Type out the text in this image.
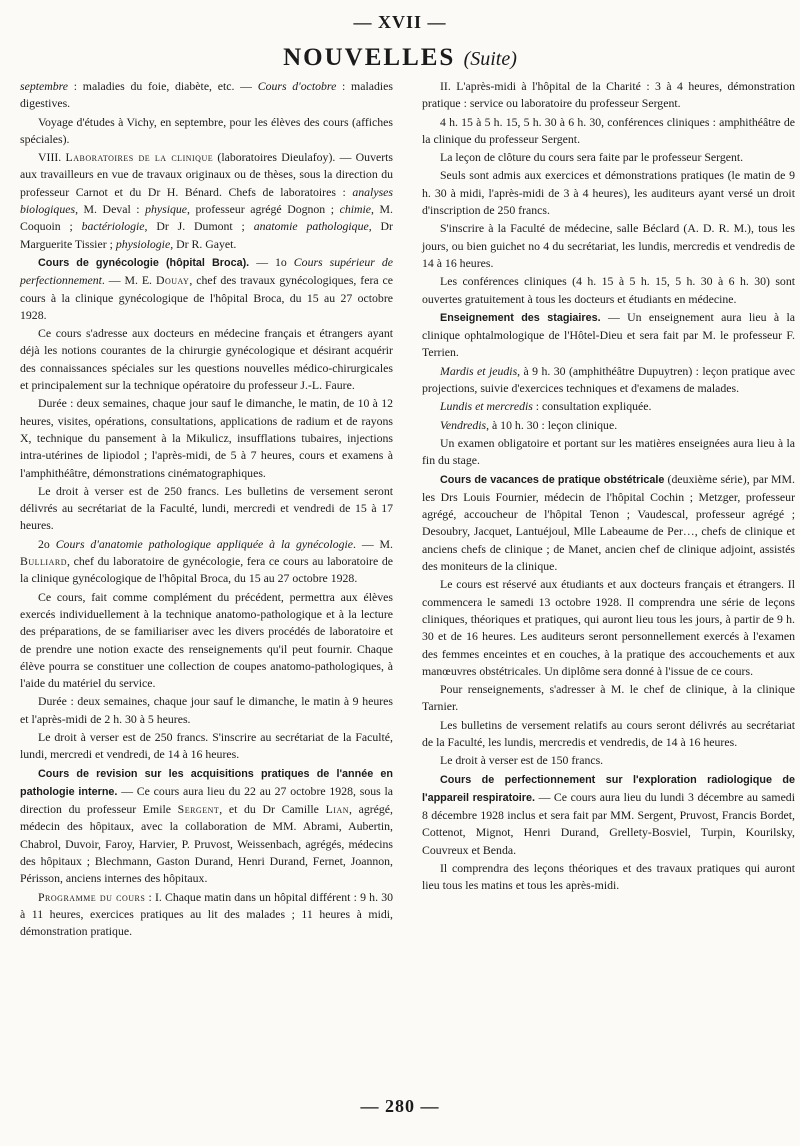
— XVII —
NOUVELLES (Suite)

septembre : maladies du foie, diabète, etc. — Cours d'octobre : maladies digestives.

Voyage d'études à Vichy, en septembre, pour les élèves des cours (affiches spéciales).

VIII. Laboratoires de la clinique (laboratoires Dieulafoy). — Ouverts aux travailleurs en vue de travaux originaux ou de thèses, sous la direction du professeur Carnot et du Dr H. Bénard. Chefs de laboratoires : analyses biologiques, M. Deval : physique, professeur agrégé Dognon ; chimie, M. Coquoin ; bactériologie, Dr J. Dumont ; anatomie pathologique, Dr Marguerite Tissier ; physiologie, Dr R. Gayet.

Cours de gynécologie (hôpital Broca). — 1o Cours supérieur de perfectionnement. — M. E. Douay, chef des travaux gynécologiques, fera ce cours à la clinique gynécologique de l'hôpital Broca, du 15 au 27 octobre 1928.

Ce cours s'adresse aux docteurs en médecine français et étrangers ayant déjà les notions courantes de la chirurgie gynécologique et désirant acquérir des connaissances spéciales sur les questions nouvelles médico-chirurgicales et principalement sur la technique opératoire du professeur J.-L. Faure.

Durée : deux semaines, chaque jour sauf le dimanche, le matin, de 10 à 12 heures, visites, opérations, consultations, applications de radium et de rayons X, technique du pansement à la Mikulicz, insufflations tubaires, injections intra-utérines de lipiodol ; l'après-midi, de 5 à 7 heures, cours et examens à l'amphithéâtre, démonstrations cinématographiques.

Le droit à verser est de 250 francs. Les bulletins de versement seront délivrés au secrétariat de la Faculté, lundi, mercredi et vendredi de 15 à 17 heures.

2o Cours d'anatomie pathologique appliquée à la gynécologie. — M. Bulliard, chef du laboratoire de gynécologie, fera ce cours au laboratoire de la clinique gynécologique de l'hôpital Broca, du 15 au 27 octobre 1928.

Ce cours, fait comme complément du précédent, permettra aux élèves exercés individuellement à la technique anatomo-pathologique et à la lecture des préparations, de se familiariser avec les divers procédés de laboratoire et de prendre une notion exacte des renseignements qu'il peut fournir. Chaque élève pourra se constituer une collection de coupes anatomo-pathologiques, à l'aide du matériel du service.

Durée : deux semaines, chaque jour sauf le dimanche, le matin à 9 heures et l'après-midi de 2 h. 30 à 5 heures.

Le droit à verser est de 250 francs. S'inscrire au secrétariat de la Faculté, lundi, mercredi et vendredi, de 14 à 16 heures.

Cours de revision sur les acquisitions pratiques de l'année en pathologie interne. — Ce cours aura lieu du 22 au 27 octobre 1928, sous la direction du professeur Emile Sergent, et du Dr Camille Lian, agrégé, médecin des hôpitaux, avec la collaboration de MM. Abrami, Aubertin, Chabrol, Duvoir, Faroy, Harvier, P. Pruvost, Weissenbach, agrégés, médecins des hôpitaux ; Blechmann, Gaston Durand, Henri Durand, Fernet, Joannon, Périsson, anciens internes des hôpitaux.

Programme du cours : I. Chaque matin dans un hôpital différent : 9 h. 30 à 11 heures, exercices pratiques au lit des malades ; 11 heures à midi, démonstration pratique.

II. L'après-midi à l'hôpital de la Charité : 3 à 4 heures, démonstration pratique : service ou laboratoire du professeur Sergent.

4 h. 15 à 5 h. 15, 5 h. 30 à 6 h. 30, conférences cliniques : amphithéâtre de la clinique du professeur Sergent.

La leçon de clôture du cours sera faite par le professeur Sergent.

Seuls sont admis aux exercices et démonstrations pratiques (le matin de 9 h. 30 à midi, l'après-midi de 3 à 4 heures), les auditeurs ayant versé un droit d'inscription de 250 francs.

S'inscrire à la Faculté de médecine, salle Béclard (A. D. R. M.), tous les jours, ou bien guichet no 4 du secrétariat, les lundis, mercredis et vendredis de 14 à 16 heures.

Les conférences cliniques (4 h. 15 à 5 h. 15, 5 h. 30 à 6 h. 30) sont ouvertes gratuitement à tous les docteurs et étudiants en médecine.

Enseignement des stagiaires. — Un enseignement aura lieu à la clinique ophtalmologique de l'Hôtel-Dieu et sera fait par M. le professeur F. Terrien.

Mardis et jeudis, à 9 h. 30 (amphithéâtre Dupuytren) : leçon pratique avec projections, suivie d'exercices techniques et d'examens de malades.

Lundis et mercredis : consultation expliquée.

Vendredis, à 10 h. 30 : leçon clinique.

Un examen obligatoire et portant sur les matières enseignées aura lieu à la fin du stage.

Cours de vacances de pratique obstétricale (deuxième série), par MM. les Drs Louis Fournier, médecin de l'hôpital Cochin ; Metzger, professeur agrégé, accoucheur de l'hôpital Tenon ; Vaudescal, professeur agrégé ; Desoubry, Jacquet, Lantuéjoul, Mlle Labeaume de Per…, chefs de clinique et anciens chefs de clinique ; de Manet, ancien chef de clinique adjoint, assistés des moniteurs de la clinique.

Le cours est réservé aux étudiants et aux docteurs français et étrangers. Il commencera le samedi 13 octobre 1928. Il comprendra une série de leçons cliniques, théoriques et pratiques, qui auront lieu tous les jours, à partir de 9 h. 30 et de 16 heures. Les auditeurs seront personnellement exercés à l'examen des femmes enceintes et en couches, à la pratique des accouchements et aux manœuvres obstétricales. Un diplôme sera donné à l'issue de ce cours.

Pour renseignements, s'adresser à M. le chef de clinique, à la clinique Tarnier.

Les bulletins de versement relatifs au cours seront délivrés au secrétariat de la Faculté, les lundis, mercredis et vendredis, de 14 à 16 heures.

Le droit à verser est de 150 francs.

Cours de perfectionnement sur l'exploration radiologique de l'appareil respiratoire. — Ce cours aura lieu du lundi 3 décembre au samedi 8 décembre 1928 inclus et sera fait par MM. Sergent, Pruvost, Francis Bordet, Cottenot, Mignot, Henri Durand, Grellety-Bosviel, Turpin, Kourilsky, Couvreux et Benda.

Il comprendra des leçons théoriques et des travaux pratiques qui auront lieu tous les matins et tous les après-midi.

— 280 —
